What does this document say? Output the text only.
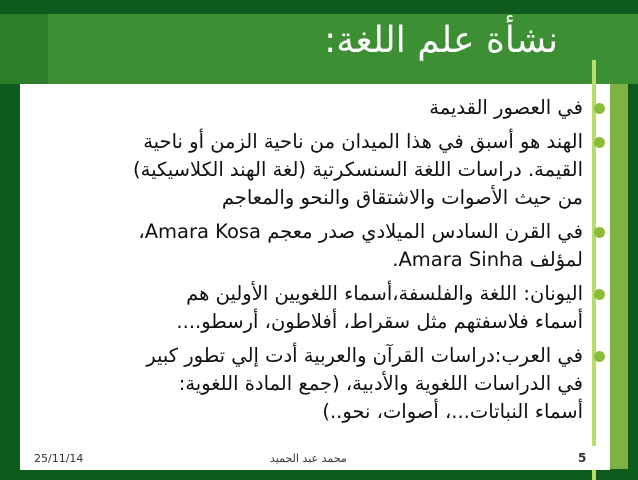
نشأة علم اللغة:
في العصور القديمة
الهند هو أسبق في هذا الميدان من ناحية الزمن أو ناحية
القيمة. دراسات اللغة السنسكرتية (لغة الهند الكلاسيكية)
من حيث الأصوات والاشتقاق والنحو والمعاجم
في القرن السادس الميلادي صدر معجم Amara Kosa،
لمؤلف Amara Sinha.
اليونان: اللغة والفلسفة،أسماء اللغويين الأولين هم
أسماء فلاسفتهم مثل سقراط، أفلاطون، أرسطو....
في العرب:دراسات القرآن والعربية أدت إلي تطور كبير
في الدراسات اللغوية والأدبية، (جمع المادة اللغوية:
أسماء النباتات...، أصوات، نحو..)
25/11/14	محمد عبد الحميد	5
